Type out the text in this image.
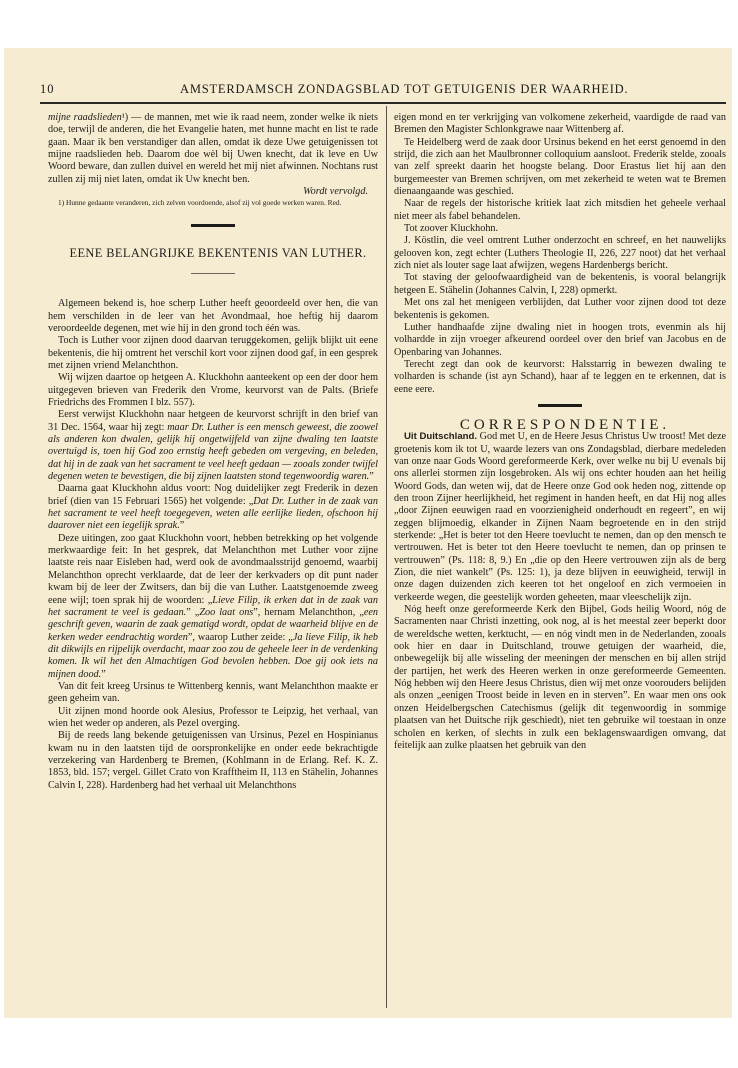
10	AMSTERDAMSCH ZONDAGSBLAD TOT GETUIGENIS DER WAARHEID.

mijne raadslieden¹) — de mannen, met wie ik raad neem, zonder welke ik niets doe, terwijl de anderen, die het Evangelie haten, met hunne macht en list te rade gaan. Maar ik ben verstandiger dan allen, omdat ik deze Uwe getuigenissen tot mijne raadslieden heb. Daarom doe wèl bij Uwen knecht, dat ik leve en Uw Woord beware, dan zullen duivel en wereld het mij niet afwinnen. Nochtans rust zullen zij mij niet laten, omdat ik Uw knecht ben.

Wordt vervolgd.

1) Hunne gedaante veranderen, zich zelven voordoende, alsof zij vol goede werken waren. Red.

EENE BELANGRIJKE BEKENTENIS VAN LUTHER.

Algemeen bekend is, hoe scherp Luther heeft geoordeeld over hen, die van hem verschilden in de leer van het Avondmaal, hoe heftig hij daarom veroordeelde degenen, met wie hij in den grond toch één was.

Toch is Luther voor zijnen dood daarvan teruggekomen, gelijk blijkt uit eene bekentenis, die hij omtrent het verschil kort voor zijnen dood gaf, in een gesprek met zijnen vriend Melanchthon.

Wij wijzen daartoe op hetgeen A. Kluckhohn aanteekent op een der door hem uitgegeven brieven van Frederik den Vrome, keurvorst van de Palts. (Briefe Friedrichs des Frommen I blz. 557).

Eerst verwijst Kluckhohn naar hetgeen de keurvorst schrijft in den brief van 31 Dec. 1564, waar hij zegt: maar Dr. Luther is een mensch geweest, die zoowel als anderen kon dwalen, gelijk hij ongetwijfeld van zijne dwaling ten laatste overtuigd is, toen hij God zoo ernstig heeft gebeden om vergeving, en beleden, dat hij in de zaak van het sacrament te veel heeft gedaan — zooals zonder twijfel degenen weten te bevestigen, die bij zijnen laatsten stond tegenwoordig waren.”

Daarna gaat Kluckhohn aldus voort: Nog duidelijker zegt Frederik in dezen brief (dien van 15 Februari 1565) het volgende: „Dat Dr. Luther in de zaak van het sacrament te veel heeft toegegeven, weten alle eerlijke lieden, ofschoon hij daarover niet een iegelijk sprak.”

Deze uitingen, zoo gaat Kluckhohn voort, hebben betrekking op het volgende merkwaardige feit: In het gesprek, dat Melanchthon met Luther voor zijne laatste reis naar Eisleben had, werd ook de avondmaalsstrijd genoemd, waarbij Melanchthon oprecht verklaarde, dat de leer der kerkvaders op dit punt nader kwam bij de leer der Zwitsers, dan bij die van Luther. Laatstgenoemde zweeg eene wijl; toen sprak hij de woorden: „Lieve Filip, ik erken dat in de zaak van het sacrament te veel is gedaan.” „Zoo laat ons”, hernam Melanchthon, „een geschrift geven, waarin de zaak gematigd wordt, opdat de waarheid blijve en de kerken weder eendrachtig worden”, waarop Luther zeide: „Ja lieve Filip, ik heb dit dikwijls en rijpelijk overdacht, maar zoo zou de geheele leer in de verdenking komen. Ik wil het den Almachtigen God bevolen hebben. Doe gij ook iets na mijnen dood.”

Van dit feit kreeg Ursinus te Wittenberg kennis, want Melanchthon maakte er geen geheim van.

Uit zijnen mond hoorde ook Alesius, Professor te Leipzig, het verhaal, van wien het weder op anderen, als Pezel overging.

Bij de reeds lang bekende getuigenissen van Ursinus, Pezel en Hospinianus kwam nu in den laatsten tijd de oorspronkelijke en onder eede bekrachtigde verzekering van Hardenberg te Bremen, (Kohlmann in de Erlang. Ref. K. Z. 1853, bld. 157; vergel. Gillet Crato von Krafftheim II, 113 en Stähelin, Johannes Calvin I, 228). Hardenberg had het verhaal uit Melanchthons

eigen mond en ter verkrijging van volkomene zekerheid, vaardigde de raad van Bremen den Magister Schlonkgrawe naar Wittenberg af.

Te Heidelberg werd de zaak door Ursinus bekend en het eerst genoemd in den strijd, die zich aan het Maulbronner colloquium aansloot. Frederik stelde, zooals van zelf spreekt daarin het hoogste belang. Door Erastus liet hij aan den burgemeester van Bremen schrijven, om met zekerheid te weten wat te Bremen dienaangaande was geschied.

Naar de regels der historische kritiek laat zich mitsdien het geheele verhaal niet meer als fabel behandelen.

Tot zoover Kluckhohn.

J. Köstlin, die veel omtrent Luther onderzocht en schreef, en het nauwelijks gelooven kon, zegt echter (Luthers Theologie II, 226, 227 noot) dat het verhaal zich niet als louter sage laat afwijzen, wegens Hardenbergs bericht.

Tot staving der geloofwaardigheid van de bekentenis, is vooral belangrijk hetgeen E. Stähelin (Johannes Calvin, I, 228) opmerkt.

Met ons zal het menigeen verblijden, dat Luther voor zijnen dood tot deze bekentenis is gekomen.

Luther handhaafde zijne dwaling niet in hoogen trots, evenmin als hij volhardde in zijn vroeger afkeurend oordeel over den brief van Jacobus en de Openbaring van Johannes.

Terecht zegt dan ook de keurvorst: Halsstarrig in bewezen dwaling te volharden is schande (ist ayn Schand), haar af te leggen en te erkennen, dat is eene eere.

CORRESPONDENTIE.

Uit Duitschland. God met U, en de Heere Jesus Christus Uw troost! Met deze groetenis kom ik tot U, waarde lezers van ons Zondagsblad, dierbare medeleden van onze naar Gods Woord gereformeerde Kerk, over welke nu bij U evenals bij ons allerlei stormen zijn losgebroken. Als wij ons echter houden aan het heilig Woord Gods, dan weten wij, dat de Heere onze God ook heden nog, zittende op den troon Zijner heerlijkheid, het regiment in handen heeft, en dat Hij nog alles „door Zijnen eeuwigen raad en voorzienigheid onderhoudt en regeert”, en wij zeggen blijmoedig, elkander in Zijnen Naam begroetende en in den strijd sterkende: „Het is beter tot den Heere toevlucht te nemen, dan op den mensch te vertrouwen. Het is beter tot den Heere toevlucht te nemen, dan op prinsen te vertrouwen” (Ps. 118: 8, 9.) En „die op den Heere vertrouwen zijn als de berg Zion, die niet wankelt” (Ps. 125: 1), ja deze blijven in eeuwigheid, terwijl in onze dagen duizenden zich keeren tot het ongeloof en zich vermoeien in verkeerde wegen, die geestelijk worden geheeten, maar vleeschelijk zijn.

Nóg heeft onze gereformeerde Kerk den Bijbel, Gods heilig Woord, nóg de Sacramenten naar Christi inzetting, ook nog, al is het meestal zeer beperkt door de wereldsche wetten, kerktucht, — en nóg vindt men in de Nederlanden, zooals ook hier en daar in Duitschland, trouwe getuigen der waarheid, die, onbewegelijk bij alle wisseling der meeningen der menschen en bij allen strijd der partijen, het werk des Heeren werken in onze gereformeerde Gemeenten. Nóg hebben wij den Heere Jesus Christus, dien wij met onze voorouders belijden als onzen „eenigen Troost beide in leven en in sterven”. En waar men ons ook onzen Heidelbergschen Catechismus (gelijk dit tegenwoordig in sommige plaatsen van het Duitsche rijk geschiedt), niet ten gebruike wil toestaan in onze scholen en kerken, of slechts in zulk een beklagenswaardigen omvang, dat feitelijk aan zulke plaatsen het gebruik van den
